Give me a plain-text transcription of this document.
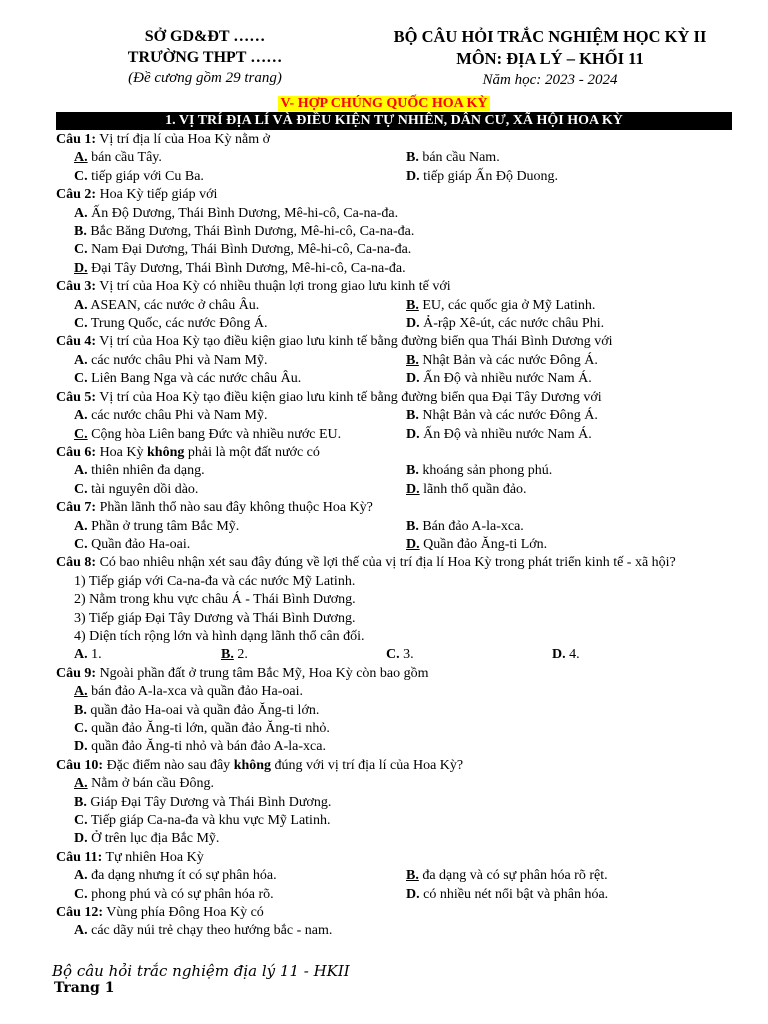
SỞ GD&ĐT ……
TRƯỜNG THPT ……
(Đề cương gồm 29 trang)
BỘ CÂU HỎI TRẮC NGHIỆM HỌC KỲ II
MÔN: ĐỊA LÝ – KHỐI 11
Năm học: 2023 - 2024
V- HỢP CHÚNG QUỐC HOA KỲ
1. VỊ TRÍ ĐỊA LÍ VÀ ĐIỀU KIỆN TỰ NHIÊN, DÂN CƯ, XÃ HỘI HOA KỲ
Câu 1: Vị trí địa lí của Hoa Kỳ nằm ở
A. bán cầu Tây.	B. bán cầu Nam.
C. tiếp giáp với Cu Ba.	D. tiếp giáp Ấn Độ Duong.
Câu 2: Hoa Kỳ tiếp giáp với
A. Ấn Độ Dương, Thái Bình Dương, Mê-hi-cô, Ca-na-đa.
B. Bắc Băng Dương, Thái Bình Dương, Mê-hi-cô, Ca-na-đa.
C. Nam Đại Dương, Thái Bình Dương, Mê-hi-cô, Ca-na-đa.
D. Đại Tây Dương, Thái Bình Dương, Mê-hi-cô, Ca-na-đa.
Câu 3: Vị trí của Hoa Kỳ có nhiều thuận lợi trong giao lưu kinh tế với
A. ASEAN, các nước ở châu Âu.	B. EU, các quốc gia ở Mỹ Latinh.
C. Trung Quốc, các nước Đông Á.	D. Ả-rập Xê-út, các nước châu Phi.
Câu 4: Vị trí của Hoa Kỳ tạo điều kiện giao lưu kinh tế bằng đường biển qua Thái Bình Dương với
A. các nước châu Phi và Nam Mỹ.	B. Nhật Bản và các nước Đông Á.
C. Liên Bang Nga và các nước châu Âu.	D. Ấn Độ và nhiều nước Nam Á.
Câu 5: Vị trí của Hoa Kỳ tạo điều kiện giao lưu kinh tế bằng đường biển qua Đại Tây Dương với
A. các nước châu Phi và Nam Mỹ.	B. Nhật Bản và các nước Đông Á.
C. Cộng hòa Liên bang Đức và nhiều nước EU.	D. Ấn Độ và nhiều nước Nam Á.
Câu 6: Hoa Kỳ không phải là một đất nước có
A. thiên nhiên đa dạng.	B. khoáng sản phong phú.
C. tài nguyên dồi dào.	D. lãnh thổ quần đảo.
Câu 7: Phần lãnh thổ nào sau đây không thuộc Hoa Kỳ?
A. Phần ở trung tâm Bắc Mỹ.	B. Bán đảo A-la-xca.
C. Quần đảo Ha-oai.	D. Quần đảo Ăng-ti Lớn.
Câu 8: Có bao nhiêu nhận xét sau đây đúng về lợi thế của vị trí địa lí Hoa Kỳ trong phát triển kinh tế - xã hội?
1) Tiếp giáp với Ca-na-đa và các nước Mỹ Latinh.
2) Nằm trong khu vực châu Á - Thái Bình Dương.
3) Tiếp giáp Đại Tây Dương và Thái Bình Dương.
4) Diện tích rộng lớn và hình dạng lãnh thổ cân đối.
A. 1.	B. 2.	C. 3.	D. 4.
Câu 9: Ngoài phần đất ở trung tâm Bắc Mỹ, Hoa Kỳ còn bao gồm
A. bán đảo A-la-xca và quần đảo Ha-oai.
B. quần đảo Ha-oai và quần đảo Ăng-ti lớn.
C. quần đảo Ăng-ti lớn, quần đảo Ăng-ti nhỏ.
D. quần đảo Ăng-ti nhỏ và bán đảo A-la-xca.
Câu 10: Đặc điểm nào sau đây không đúng với vị trí địa lí của Hoa Kỳ?
A. Nằm ở bán cầu Đông.
B. Giáp Đại Tây Dương và Thái Bình Dương.
C. Tiếp giáp Ca-na-đa và khu vực Mỹ Latinh.
D. Ở trên lục địa Bắc Mỹ.
Câu 11: Tự nhiên Hoa Kỳ
A. đa dạng nhưng ít có sự phân hóa.	B. đa dạng và có sự phân hóa rõ rệt.
C. phong phú và có sự phân hóa rõ.	D. có nhiều nét nổi bật và phân hóa.
Câu 12: Vùng phía Đông Hoa Kỳ có
A. các dãy núi trẻ chạy theo hướng bắc - nam.
Bộ câu hỏi trắc nghiệm địa lý 11 - HKII
Trang 1
